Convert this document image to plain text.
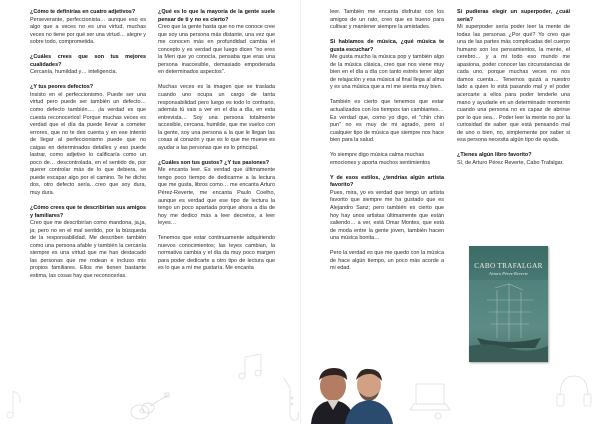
¿Cómo te definirías en cuatro adjetivos?

Perseverante, perfeccionista… aunque eso es algo que a veces no es una virtud, muchas veces no tiene por qué ser una virtud… alegre y sobre todo, comprometida.

¿Cuáles crees que son tus mejores cualidades?

Cercanía, humildad y… inteligencia.

¿Y tus peores defectos?

Insisto en el perfeccionismo. Puede ser una virtud pero puede ser también un defecto… como defecto también…. ¡la verdad es que cuesta reconocerlos! Porque muchas veces es verdad que el día da puede llevar a cometer errores, que no te des cuenta y en ese intento de llegar al perfeccionismo puede que no caigas en determinados detalles y eso puede lastrar, como adjetivo lo calificaría como un poco de… descontrolada, en el sentido de, por querer controlar más de lo que debiera, se puede escapar algo por el camino. Te he dicho dos, otro defecto sería…creo que soy dura, muy dura.

¿Cómo crees que te describirían sus amigos y familiares?

Creo que me describirían como mandona, ja,ja, ja; pero no en el mal sentido, por la búsqueda de la responsabilidad. Me describen también como una persona afable y también la cercanía siempre es una virtud que me han destacado las personas que me rodean e incluso mis propios familiares. Ellos me tienen bastante estima, las cosas hay que reconocerlas.

¿Qué es lo que la mayoría de la gente suele pensar de ti y no es cierto?

Creo que la gente hasta que no me conoce cree que soy una persona más distante, una vez que me conocen más en profundidad cambia el concepto y es verdad que luego dicen "no eres la Meri que yo conocía, pensaba que eras una persona inaccesible, demasiado empoderada en determinados aspectos".

Muchas veces es la imagen que se traslada cuando uno ocupa un cargo de tanta responsabilidad pero luego es todo lo contrario, además tú vais a ver en el día a día, en esta entrevista… Soy una persona totalmente accesible, cercana, humilde, que me vuelco con la gente, soy una persona a la que le llegan las cosas al corazón y que es lo que me mueve es ayudar a las personas que es lo principal.

¿Cuáles son tus gustos? ¿Y tus pasiones?

Me encanta leer. Es verdad que últimamente tengo poco tiempo de dedicarme a la lectura que me gusta, libros como… me encanta Arturo Pérez-Reverte, me encanta Paulo Coelho, aunque es verdad que ese tipo de lectura la tengo un poco apartada porque ahora a día de hoy me dedico más a leer decretos, a leer leyes…

Tenemos que estar continuamente adquiriendo nuevos conocimientos; las leyes cambian, la normativa cambia y el día da muy poco margen para poder dedicarte a otro tipo de lectura que es lo que a mí me gustaría. Me encanta

leer. También me encanta disfrutar con los amigos de un rato, creo que es bueno para cultivar y mantener siempre la amistades.

Si hablamos de música, ¿qué música te gusta escuchar?

Me gusta mucho la música pop y también algo de la música clásica, creo que nos viene muy bien en el día a día con tanto estrés tener algo de relajación y esa música al final llega al alma y es una música que a mí me sienta muy bien.

También es cierto que tenemos que estar actualizados con los tiempos tan cambiantes… Es verdad que, como yo digo, el "chin chin pun" no es muy de mi agrado, pero sí cualquier tipo de música que siempre nos hace bien para la salud.

Yo siempre digo música calma muchas emociones y aporta muchos sentimientos

Y de esos estilos, ¿tendrías algún artista favorito?

Pues, mira, yo es verdad que tengo un artista favorito que siempre me ha gustado que es Alejandro Sanz; pero también es cierto que hoy hay unos artistas últimamente que están saliendo… a ver, está Omar Montes, que está de moda entre la gente joven, también hacen una música bonita…

Pero la verdad es que me quedo con la música de hace algún tiempo, un poco más acorde a mi edad.

Si pudieras elegir un superpoder, ¿cuál sería?

Mi superpoder sería poder leer la mente de todas las personas ¿Por qué? Yo creo que una de las partes más complicadas del cuerpo humano son los pensamientos, la mente, el cerebro… y a mí todo eso mundo me apasiona, poder conocer las circunstancias de cada uno, porque muchas veces no nos damos cuenta… Tenemos quizá a nuestro lado a quien lo está pasando mal y el poder acercarte a ellos para poder tenderle una mano y ayudarle en un determinado momento cuando una persona no es capaz de abrirse por lo que sea… Poder leer la mente no por la curiosidad de saber que está pensando mal de uno o bien, no, simplemente por saber si esa persona necesita algún tipo de ayuda.

¿Tienes algún libro favorito?

Sí, de Arturo Pérez Reverte, Cabo Trafalgar.

CABO TRAFALGAR
Arturo Pérez-Reverte
